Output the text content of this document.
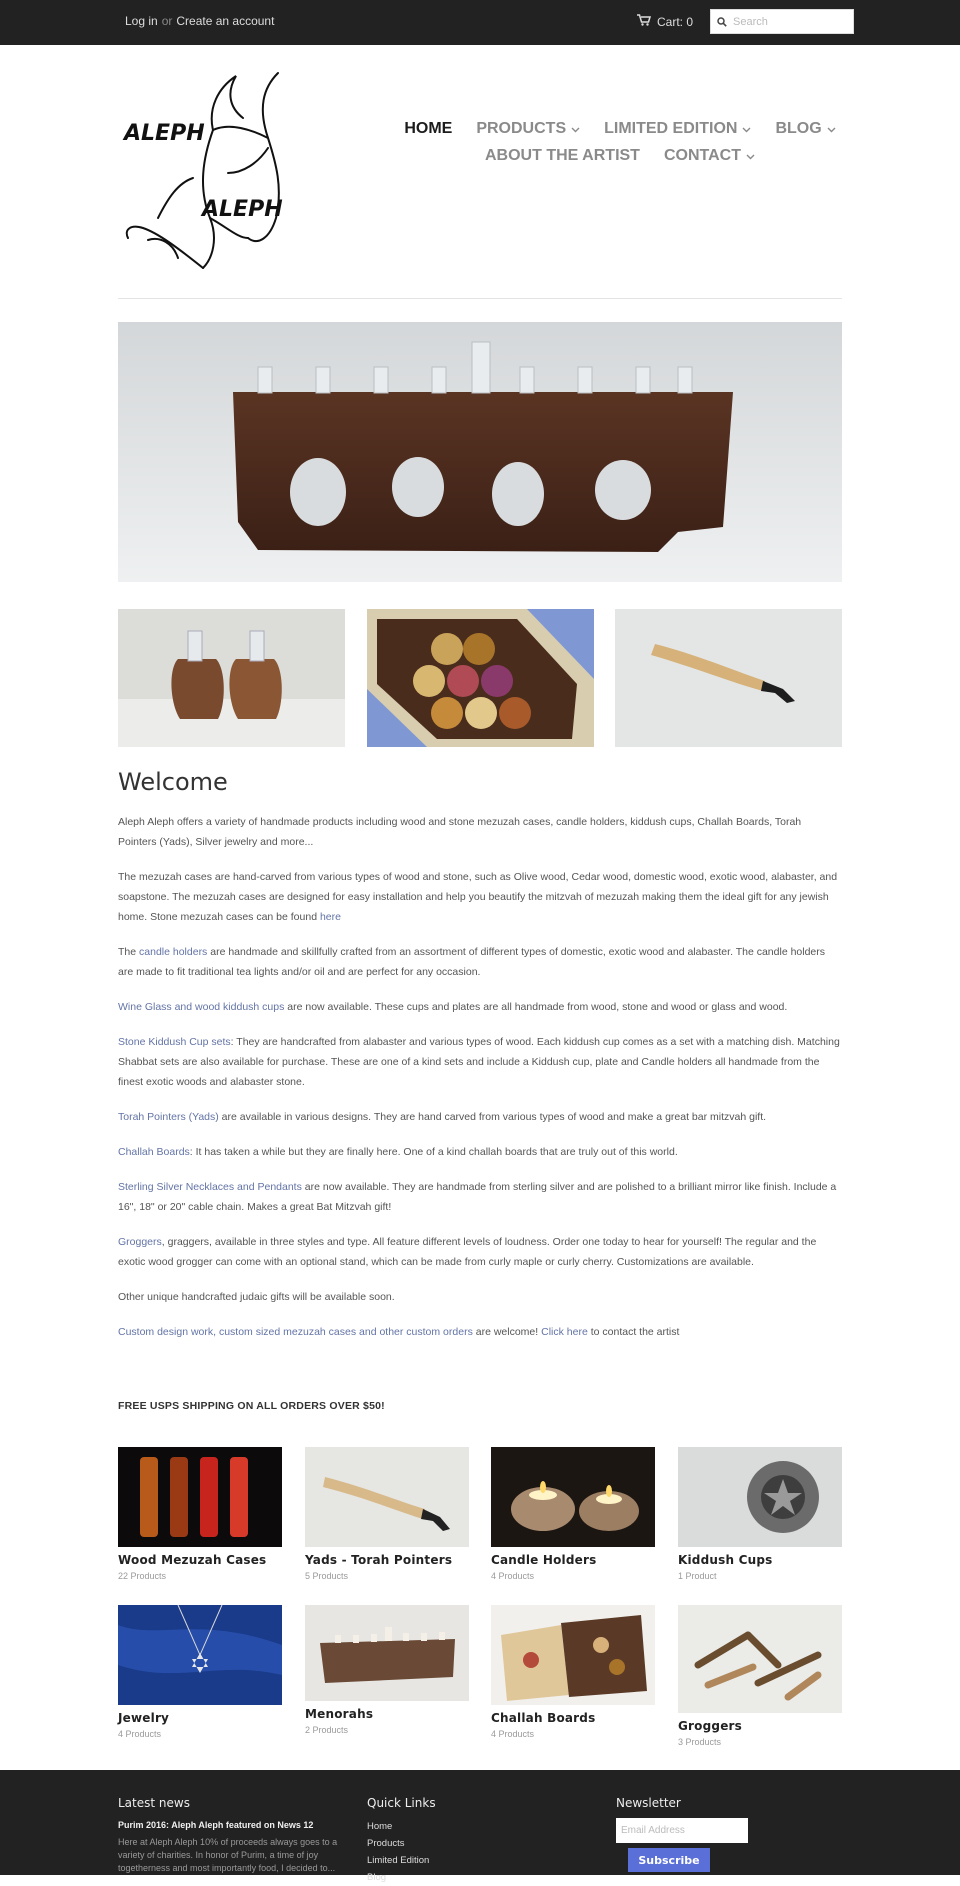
Log in or Create an account	Cart: 0
Search
ALEPH
ALEPH
HOME PRODUCTS LIMITED EDITION BLOG
ABOUT THE ARTIST CONTACT
Welcome

Aleph Aleph offers a variety of handmade products including wood and stone mezuzah cases, candle holders, kiddush cups, Challah Boards, Torah Pointers (Yads), Silver jewelry and more...

The mezuzah cases are hand-carved from various types of wood and stone, such as Olive wood, Cedar wood, domestic wood, exotic wood, alabaster, and soapstone. The mezuzah cases are designed for easy installation and help you beautify the mitzvah of mezuzah making them the ideal gift for any jewish home. Stone mezuzah cases can be found here

The candle holders are handmade and skillfully crafted from an assortment of different types of domestic, exotic wood and alabaster. The candle holders are made to fit traditional tea lights and/or oil and are perfect for any occasion.

Wine Glass and wood kiddush cups are now available. These cups and plates are all handmade from wood, stone and wood or glass and wood.

Stone Kiddush Cup sets: They are handcrafted from alabaster and various types of wood. Each kiddush cup comes as a set with a matching dish. Matching Shabbat sets are also available for purchase. These are one of a kind sets and include a Kiddush cup, plate and Candle holders all handmade from the finest exotic woods and alabaster stone.

Torah Pointers (Yads) are available in various designs. They are hand carved from various types of wood and make a great bar mitzvah gift.

Challah Boards: It has taken a while but they are finally here. One of a kind challah boards that are truly out of this world.

Sterling Silver Necklaces and Pendants are now available. They are handmade from sterling silver and are polished to a brilliant mirror like finish. Include a 16", 18" or 20" cable chain. Makes a great Bat Mitzvah gift!

Groggers, graggers, available in three styles and type. All feature different levels of loudness. Order one today to hear for yourself! The regular and the exotic wood grogger can come with an optional stand, which can be made from curly maple or curly cherry. Customizations are available.

Other unique handcrafted judaic gifts will be available soon.

Custom design work, custom sized mezuzah cases and other custom orders are welcome! Click here to contact the artist

FREE USPS SHIPPING ON ALL ORDERS OVER $50!
Wood Mezuzah Cases
22 Products
Yads - Torah Pointers
5 Products
Candle Holders
4 Products
Kiddush Cups
1 Product
Jewelry
4 Products
Menorahs
2 Products
Challah Boards
4 Products
Groggers
3 Products
Latest news
Purim 2016: Aleph Aleph featured on News 12
Here at Aleph Aleph 10% of proceeds always goes to a variety of charities. In honor of Purim, a time of joy togetherness and most importantly food, I decided to...
Quick Links
Home
Products
Limited Edition
Blog
Newsletter
Email Address
Subscribe
